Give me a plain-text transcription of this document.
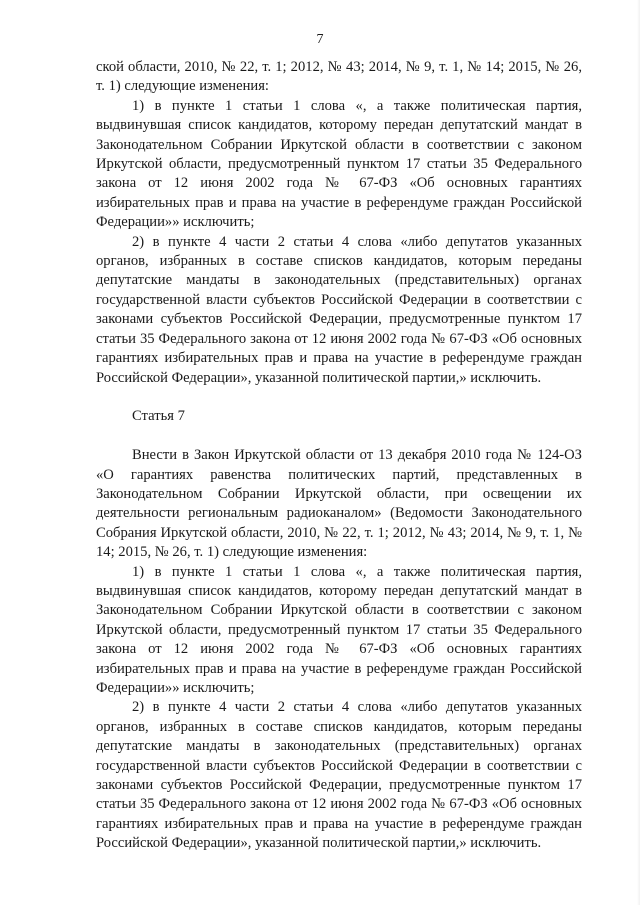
7

ской области, 2010, № 22, т. 1; 2012, № 43; 2014, № 9, т. 1, № 14; 2015, № 26, т. 1) следующие изменения:

1) в пункте 1 статьи 1 слова «, а также политическая партия, выдвинувшая список кандидатов, которому передан депутатский мандат в Законодательном Собрании Иркутской области в соответствии с законом Иркутской области, предусмотренный пунктом 17 статьи 35 Федерального закона от 12 июня 2002 года № 67-ФЗ «Об основных гарантиях избирательных прав и права на участие в референдуме граждан Российской Федерации»» исключить;

2) в пункте 4 части 2 статьи 4 слова «либо депутатов указанных органов, избранных в составе списков кандидатов, которым переданы депутатские мандаты в законодательных (представительных) органах государственной власти субъектов Российской Федерации в соответствии с законами субъектов Российской Федерации, предусмотренные пунктом 17 статьи 35 Федерального закона от 12 июня 2002 года № 67-ФЗ «Об основных гарантиях избирательных прав и права на участие в референдуме граждан Российской Федерации», указанной политической партии,» исключить.

Статья 7

Внести в Закон Иркутской области от 13 декабря 2010 года № 124-ОЗ «О гарантиях равенства политических партий, представленных в Законодательном Собрании Иркутской области, при освещении их деятельности региональным радиоканалом» (Ведомости Законодательного Собрания Иркутской области, 2010, № 22, т. 1; 2012, № 43; 2014, № 9, т. 1, № 14; 2015, № 26, т. 1) следующие изменения:

1) в пункте 1 статьи 1 слова «, а также политическая партия, выдвинувшая список кандидатов, которому передан депутатский мандат в Законодательном Собрании Иркутской области в соответствии с законом Иркутской области, предусмотренный пунктом 17 статьи 35 Федерального закона от 12 июня 2002 года № 67-ФЗ «Об основных гарантиях избирательных прав и права на участие в референдуме граждан Российской Федерации»» исключить;

2) в пункте 4 части 2 статьи 4 слова «либо депутатов указанных органов, избранных в составе списков кандидатов, которым переданы депутатские мандаты в законодательных (представительных) органах государственной власти субъектов Российской Федерации в соответствии с законами субъектов Российской Федерации, предусмотренные пунктом 17 статьи 35 Федерального закона от 12 июня 2002 года № 67-ФЗ «Об основных гарантиях избирательных прав и права на участие в референдуме граждан Российской Федерации», указанной политической партии,» исключить.
